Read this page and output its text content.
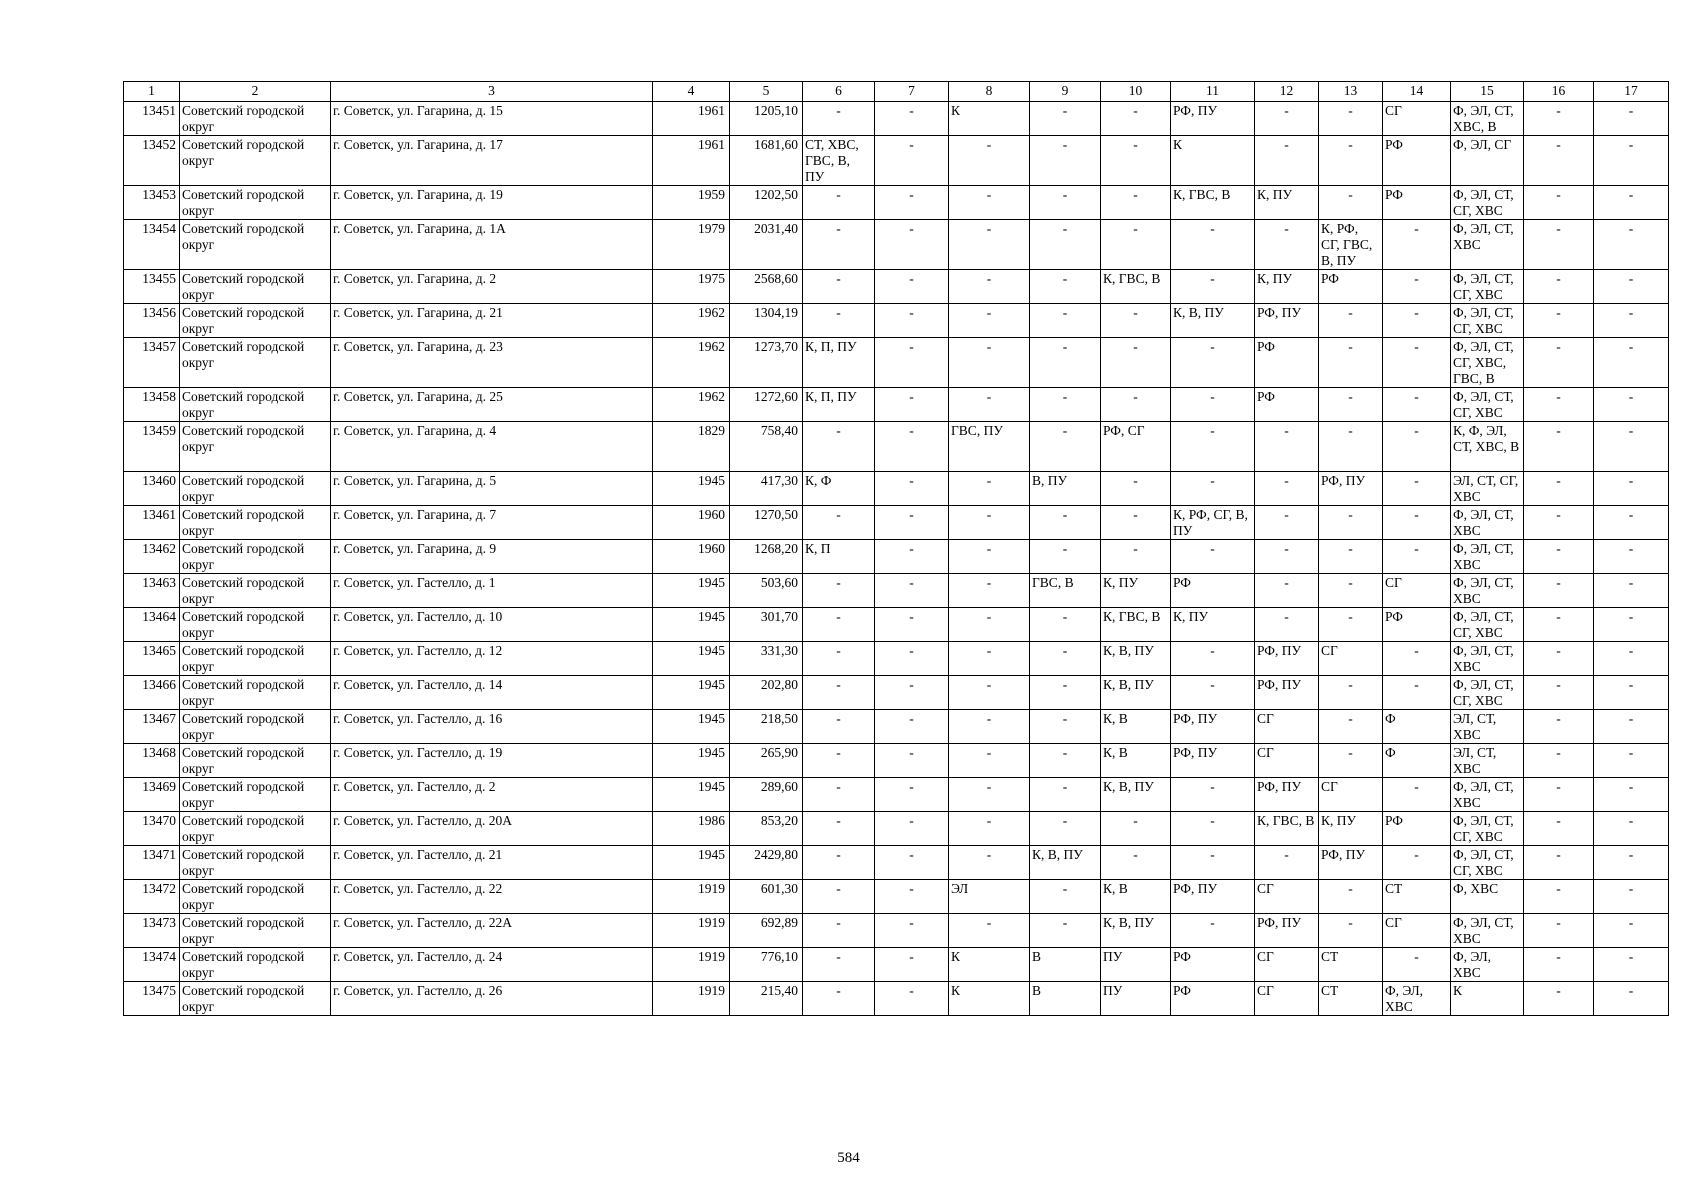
1	2	3	4	5	6	7	8	9	10	11	12	13	14	15	16	17
13451	Советский городской округ	г. Советск, ул. Гагарина, д. 15	1961	1205,10	-	-	К	-	-	РФ, ПУ	-	-	СГ	Ф, ЭЛ, СТ, ХВС, В	-	-
13452	Советский городской округ	г. Советск, ул. Гагарина, д. 17	1961	1681,60	СТ, ХВС, ГВС, В, ПУ	-	-	-	-	К	-	-	РФ	Ф, ЭЛ, СГ	-	-
13453	Советский городской округ	г. Советск, ул. Гагарина, д. 19	1959	1202,50	-	-	-	-	-	К, ГВС, В	К, ПУ	-	РФ	Ф, ЭЛ, СТ, СГ, ХВС	-	-
13454	Советский городской округ	г. Советск, ул. Гагарина, д. 1А	1979	2031,40	-	-	-	-	-	-	-	К, РФ, СГ, ГВС, В, ПУ	-	Ф, ЭЛ, СТ, ХВС	-	-
13455	Советский городской округ	г. Советск, ул. Гагарина, д. 2	1975	2568,60	-	-	-	-	К, ГВС, В	-	К, ПУ	РФ	-	Ф, ЭЛ, СТ, СГ, ХВС	-	-
13456	Советский городской округ	г. Советск, ул. Гагарина, д. 21	1962	1304,19	-	-	-	-	-	К, В, ПУ	РФ, ПУ	-	-	Ф, ЭЛ, СТ, СГ, ХВС	-	-
13457	Советский городской округ	г. Советск, ул. Гагарина, д. 23	1962	1273,70	К, П, ПУ	-	-	-	-	-	РФ	-	-	Ф, ЭЛ, СТ, СГ, ХВС, ГВС, В	-	-
13458	Советский городской округ	г. Советск, ул. Гагарина, д. 25	1962	1272,60	К, П, ПУ	-	-	-	-	-	РФ	-	-	Ф, ЭЛ, СТ, СГ, ХВС	-	-
13459	Советский городской округ	г. Советск, ул. Гагарина, д. 4	1829	758,40	-	-	ГВС, ПУ	-	РФ, СГ	-	-	-	-	К, Ф, ЭЛ, СТ, ХВС, В	-	-
13460	Советский городской округ	г. Советск, ул. Гагарина, д. 5	1945	417,30	К, Ф	-	-	В, ПУ	-	-	-	РФ, ПУ	-	ЭЛ, СТ, СГ, ХВС	-	-
13461	Советский городской округ	г. Советск, ул. Гагарина, д. 7	1960	1270,50	-	-	-	-	-	К, РФ, СГ, В, ПУ	-	-	-	Ф, ЭЛ, СТ, ХВС	-	-
13462	Советский городской округ	г. Советск, ул. Гагарина, д. 9	1960	1268,20	К, П	-	-	-	-	-	-	-	-	Ф, ЭЛ, СТ, ХВС	-	-
13463	Советский городской округ	г. Советск, ул. Гастелло, д. 1	1945	503,60	-	-	-	ГВС, В	К, ПУ	РФ	-	-	СГ	Ф, ЭЛ, СТ, ХВС	-	-
13464	Советский городской округ	г. Советск, ул. Гастелло, д. 10	1945	301,70	-	-	-	-	К, ГВС, В	К, ПУ	-	-	РФ	Ф, ЭЛ, СТ, СГ, ХВС	-	-
13465	Советский городской округ	г. Советск, ул. Гастелло, д. 12	1945	331,30	-	-	-	-	К, В, ПУ	-	РФ, ПУ	СГ	-	Ф, ЭЛ, СТ, ХВС	-	-
13466	Советский городской округ	г. Советск, ул. Гастелло, д. 14	1945	202,80	-	-	-	-	К, В, ПУ	-	РФ, ПУ	-	-	Ф, ЭЛ, СТ, СГ, ХВС	-	-
13467	Советский городской округ	г. Советск, ул. Гастелло, д. 16	1945	218,50	-	-	-	-	К, В	РФ, ПУ	СГ	-	Ф	ЭЛ, СТ, ХВС	-	-
13468	Советский городской округ	г. Советск, ул. Гастелло, д. 19	1945	265,90	-	-	-	-	К, В	РФ, ПУ	СГ	-	Ф	ЭЛ, СТ, ХВС	-	-
13469	Советский городской округ	г. Советск, ул. Гастелло, д. 2	1945	289,60	-	-	-	-	К, В, ПУ	-	РФ, ПУ	СГ	-	Ф, ЭЛ, СТ, ХВС	-	-
13470	Советский городской округ	г. Советск, ул. Гастелло, д. 20А	1986	853,20	-	-	-	-	-	-	К, ГВС, В	К, ПУ	РФ	Ф, ЭЛ, СТ, СГ, ХВС	-	-
13471	Советский городской округ	г. Советск, ул. Гастелло, д. 21	1945	2429,80	-	-	-	К, В, ПУ	-	-	-	РФ, ПУ	-	Ф, ЭЛ, СТ, СГ, ХВС	-	-
13472	Советский городской округ	г. Советск, ул. Гастелло, д. 22	1919	601,30	-	-	ЭЛ	-	К, В	РФ, ПУ	СГ	-	СТ	Ф, ХВС	-	-
13473	Советский городской округ	г. Советск, ул. Гастелло, д. 22А	1919	692,89	-	-	-	-	К, В, ПУ	-	РФ, ПУ	-	СГ	Ф, ЭЛ, СТ, ХВС	-	-
13474	Советский городской округ	г. Советск, ул. Гастелло, д. 24	1919	776,10	-	-	К	В	ПУ	РФ	СГ	СТ	-	Ф, ЭЛ, ХВС	-	-
13475	Советский городской округ	г. Советск, ул. Гастелло, д. 26	1919	215,40	-	-	К	В	ПУ	РФ	СГ	СТ	Ф, ЭЛ, ХВС	К	-	-
584
